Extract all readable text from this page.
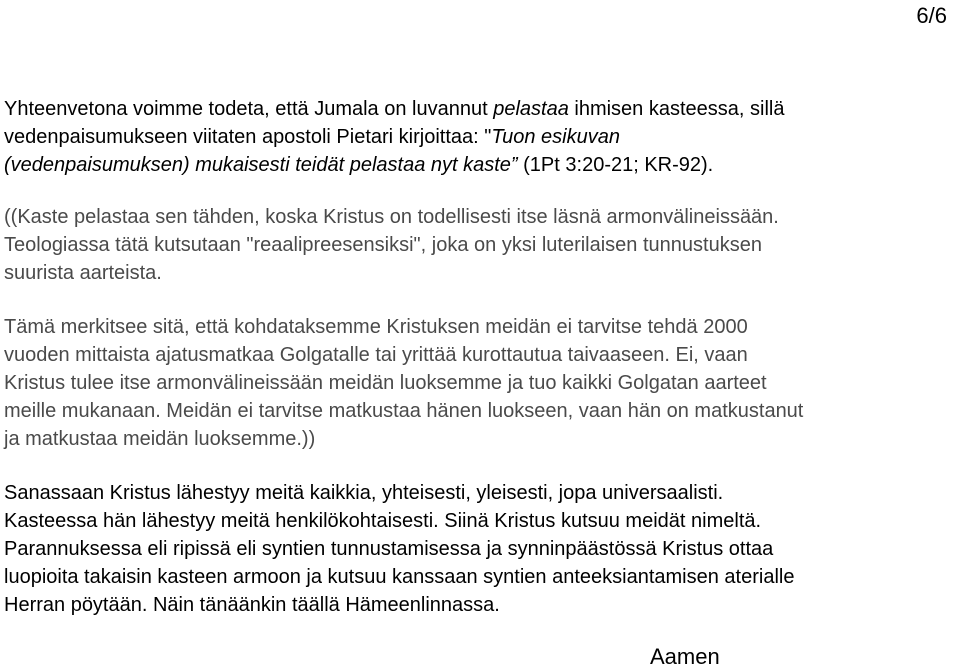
6/6

Yhteenvetona voimme todeta, että Jumala on luvannut pelastaa ihmisen kasteessa, sillä
vedenpaisumukseen viitaten apostoli Pietari kirjoittaa: "Tuon esikuvan
(vedenpaisumuksen) mukaisesti teidät pelastaa nyt kaste” (1Pt 3:20-21; KR-92).

((Kaste pelastaa sen tähden, koska Kristus on todellisesti itse läsnä armonvälineissään.
Teologiassa tätä kutsutaan "reaalipreesensiksi", joka on yksi luterilaisen tunnustuksen
suurista aarteista.

Tämä merkitsee sitä, että kohdataksemme Kristuksen meidän ei tarvitse tehdä 2000
vuoden mittaista ajatusmatkaa Golgatalle tai yrittää kurottautua taivaaseen. Ei, vaan
Kristus tulee itse armonvälineissään meidän luoksemme ja tuo kaikki Golgatan aarteet
meille mukanaan. Meidän ei tarvitse matkustaa hänen luokseen, vaan hän on matkustanut
ja matkustaa meidän luoksemme.))

Sanassaan Kristus lähestyy meitä kaikkia, yhteisesti, yleisesti, jopa universaalisti.
Kasteessa hän lähestyy meitä henkilökohtaisesti. Siinä Kristus kutsuu meidät nimeltä.
Parannuksessa eli ripissä eli syntien tunnustamisessa ja synninpäästössä Kristus ottaa
luopioita takaisin kasteen armoon ja kutsuu kanssaan syntien anteeksiantamisen aterialle
Herran pöytään. Näin tänäänkin täällä Hämeenlinnassa.

Aamen
